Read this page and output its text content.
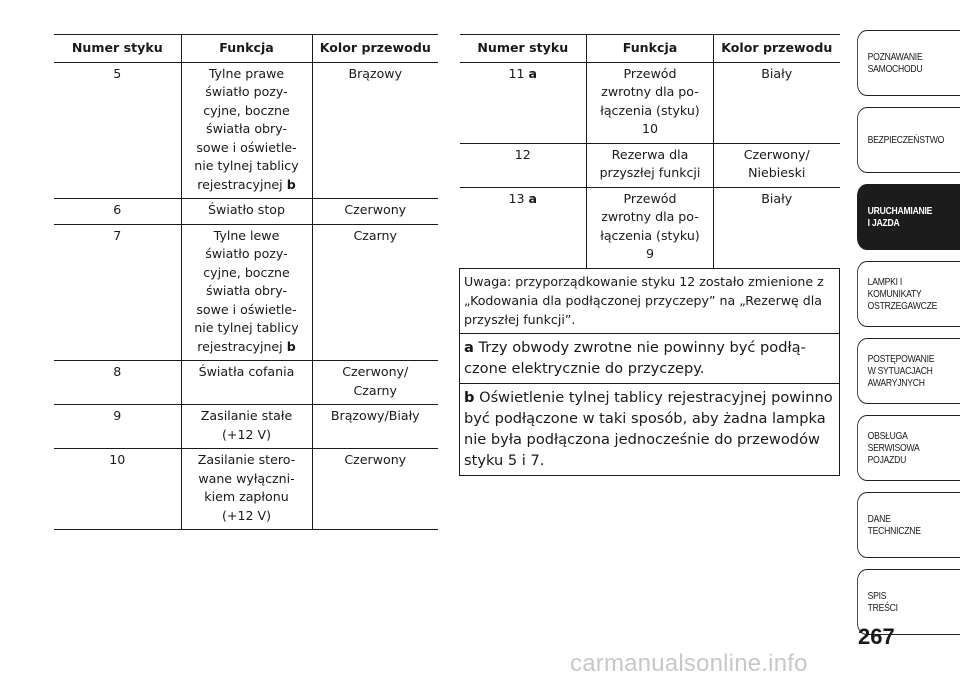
Numer styku	Funkcja	Kolor przewodu
5	Tylne prawe światło pozy-cyjne, boczne światła obry-sowe i oświetle-nie tylnej tablicy rejestracyjnej b	Brązowy
6	Światło stop	Czerwony
7	Tylne lewe światło pozy-cyjne, boczne światła obry-sowe i oświetle-nie tylnej tablicy rejestracyjnej b	Czarny
8	Światła cofania	Czerwony/ Czarny
9	Zasilanie stałe (+12 V)	Brązowy/Biały
10	Zasilanie stero-wane wyłączni-kiem zapłonu (+12 V)	Czerwony
Numer styku	Funkcja	Kolor przewodu
11 a	Przewód zwrotny dla po-łączenia (styku) 10	Biały
12	Rezerwa dla przyszłej funkcji	Czerwony/ Niebieski
13 a	Przewód zwrotny dla po-łączenia (styku) 9	Biały
Uwaga: przyporządkowanie styku 12 zostało zmienione z „Kodowania dla podłączonej przyczepy” na „Rezerwę dla przyszłej funkcji”.		
a Trzy obwody zwrotne nie powinny być podłą-czone elektrycznie do przyczepy.		
b Oświetlenie tylnej tablicy rejestracyjnej powinno być podłączone w taki sposób, aby żadna lampka nie była podłączona jednocześnie do przewodów styku 5 i 7.		
POZNAWANIE
SAMOCHODU
BEZPIECZEŃSTWO
URUCHAMIANIE
I JAZDA
LAMPKI I
KOMUNIKATY
OSTRZEGAWCZE
POSTĘPOWANIE
W SYTUACJACH
AWARYJNYCH
OBSŁUGA
SERWISOWA
POJAZDU
DANE
TECHNICZNE
SPIS
TREŚCI
267
carmanualsonline.info
